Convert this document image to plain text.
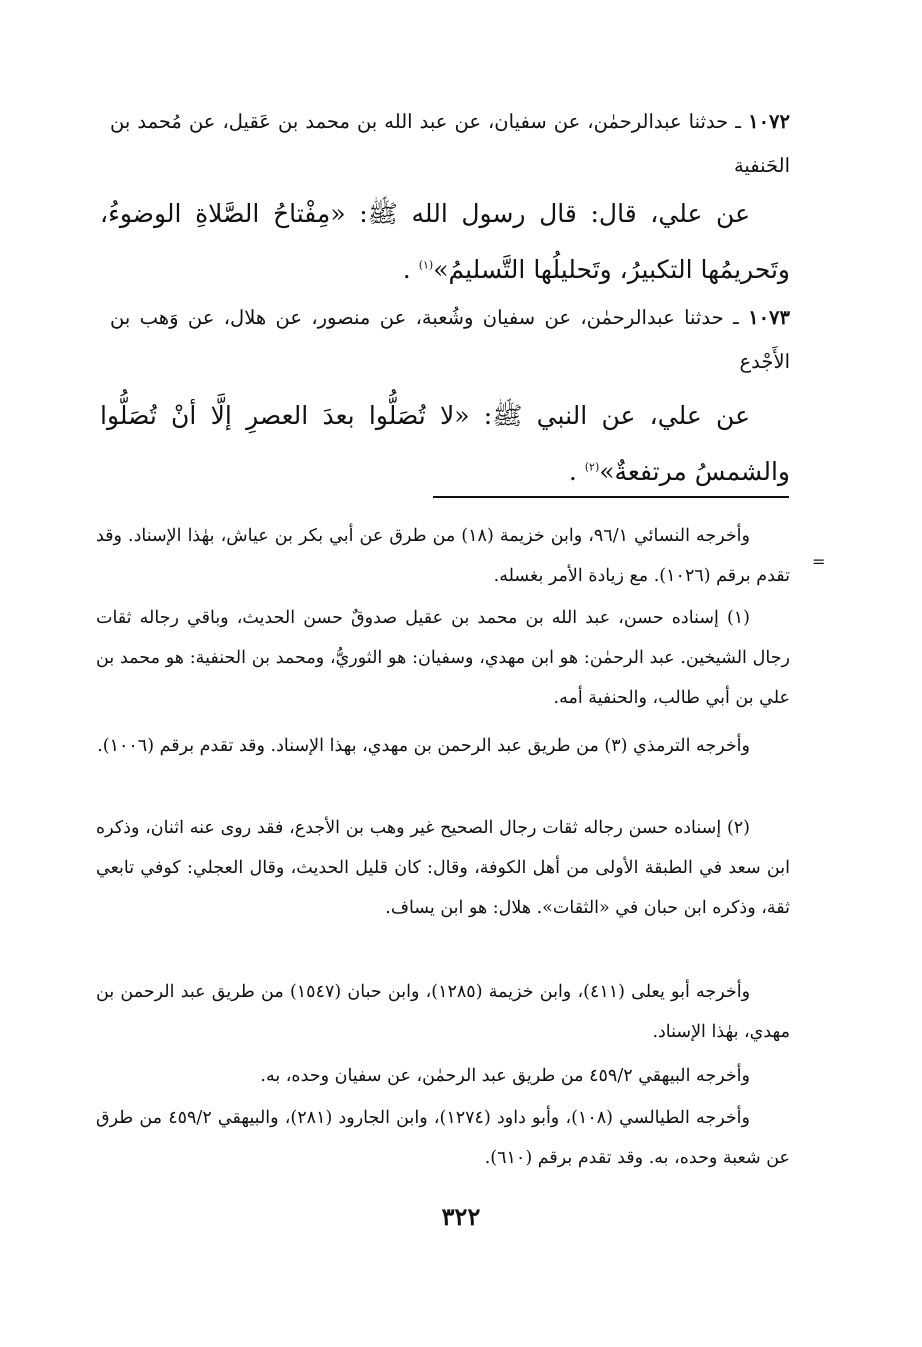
١٠٧٢ ـ حدثنا عبدالرحمٰن، عن سفيان، عن عبد الله بن محمد بن عَقيل، عن مُحمد بن الحَنفية

عن علي، قال: قال رسول الله ﷺ: «مِفْتاحُ الصَّلاةِ الوضوءُ، وتَحريمُها التكبيرُ، وتَحليلُها التَّسليمُ»$^{(١)}$ .

١٠٧٣ ـ حدثنا عبدالرحمٰن، عن سفيان وشُعبة، عن منصور، عن هلال، عن وَهب بن الأَجْدع

عن علي، عن النبي ﷺ: «لا تُصَلُّوا بعدَ العصرِ إلَّا أنْ تُصَلُّوا والشمسُ مرتفعةٌ»$^{(٢)}$ .

=

وأخرجه النسائي ٩٦/١، وابن خزيمة (١٨) من طرق عن أبي بكر بن عياش، بهٰذا الإسناد. وقد تقدم برقم (١٠٢٦). مع زيادة الأمر بغسله.

(١) إسناده حسن، عبد الله بن محمد بن عقيل صدوقٌ حسن الحديث، وباقي رجاله ثقات رجال الشيخين. عبد الرحمٰن: هو ابن مهدي، وسفيان: هو الثوريُّ، ومحمد بن الحنفية: هو محمد بن علي بن أبي طالب، والحنفية أمه.

وأخرجه الترمذي (٣) من طريق عبد الرحمن بن مهدي، بهذا الإسناد. وقد تقدم برقم (١٠٠٦).

(٢) إسناده حسن رجاله ثقات رجال الصحيح غير وهب بن الأجدع، فقد روى عنه اثنان، وذكره ابن سعد في الطبقة الأولى من أهل الكوفة، وقال: كان قليل الحديث، وقال العجلي: كوفي تابعي ثقة، وذكره ابن حبان في «الثقات». هلال: هو ابن يساف.

وأخرجه أبو يعلى (٤١١)، وابن خزيمة (١٢٨٥)، وابن حبان (١٥٤٧) من طريق عبد الرحمن بن مهدي، بهٰذا الإسناد.

وأخرجه البيهقي ٤٥٩/٢ من طريق عبد الرحمٰن، عن سفيان وحده، به.

وأخرجه الطيالسي (١٠٨)، وأبو داود (١٢٧٤)، وابن الجارود (٢٨١)، والبيهقي ٤٥٩/٢ من طرق عن شعبة وحده، به. وقد تقدم برقم (٦١٠).

٣٢٢
